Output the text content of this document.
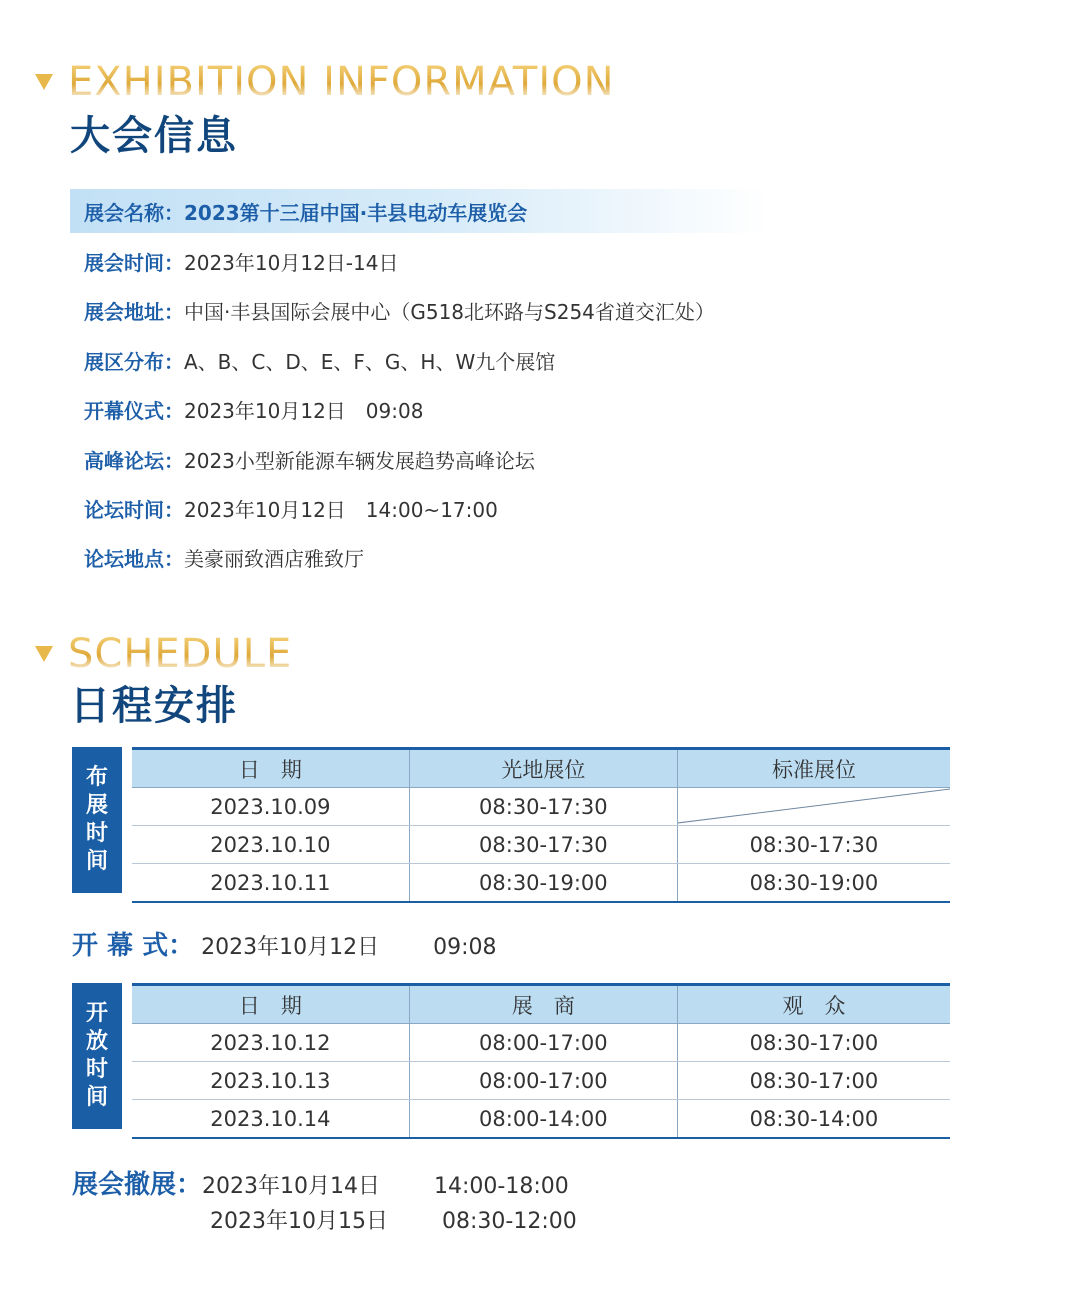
EXHIBITION INFORMATION
大会信息
展会名称： 2023第十三届中国·丰县电动车展览会
展会时间： 2023年10月12日-14日
展会地址： 中国·丰县国际会展中心（G518北环路与S254省道交汇处）
展区分布： A、B、C、D、E、F、G、H、W九个展馆
开幕仪式： 2023年10月12日　09:08
高峰论坛： 2023小型新能源车辆发展趋势高峰论坛
论坛时间： 2023年10月12日　14:00~17:00
论坛地点： 美豪丽致酒店雅致厅
SCHEDULE
日程安排
布
展
时
间
日　期	光地展位	标准展位
2023.10.09	08:30-17:30	

2023.10.10	08:30-17:30	08:30-17:30
2023.10.11	08:30-19:00	08:30-19:00
开 幕 式： 2023年10月12日 09:08
开
放
时
间
日　期	展　商	观　众
2023.10.12	08:00-17:00	08:30-17:00
2023.10.13	08:00-17:00	08:30-17:00
2023.10.14	08:00-14:00	08:30-14:00
展会撤展：2023年10月14日 14:00-18:00
2023年10月15日 08:30-12:00
